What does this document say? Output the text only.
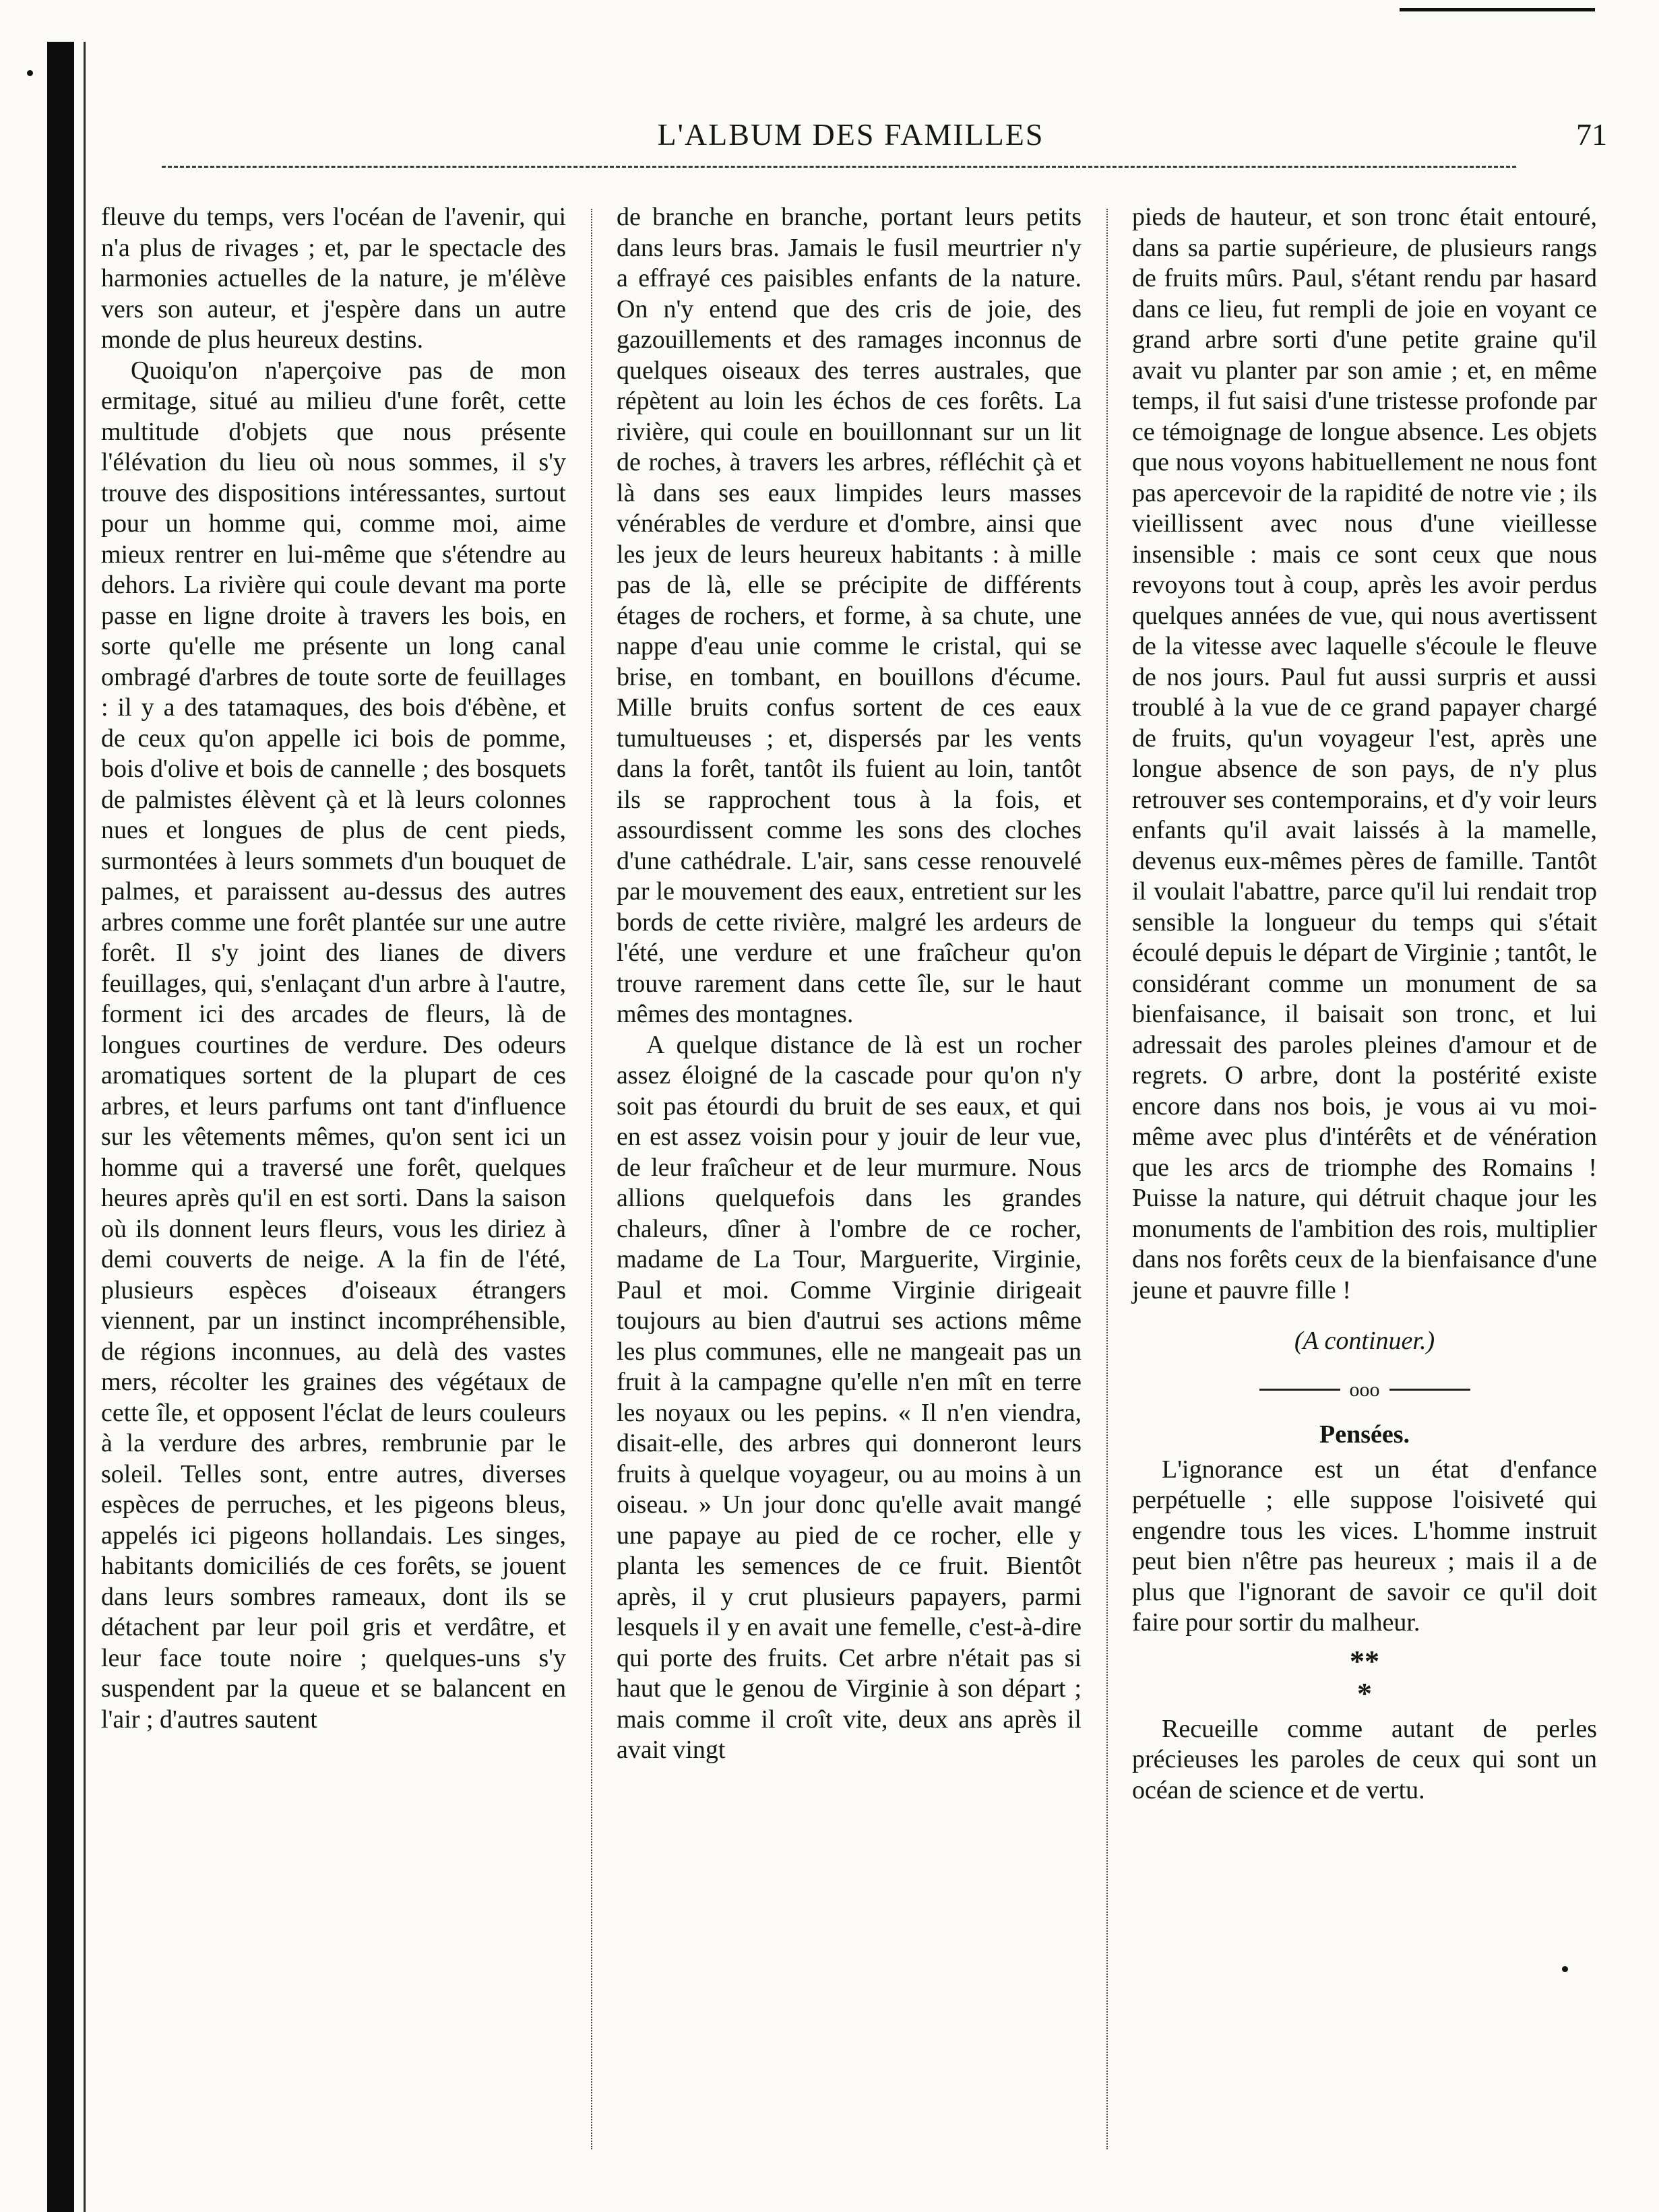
L'ALBUM DES FAMILLES	71

fleuve du temps, vers l'océan de l'avenir, qui n'a plus de rivages ; et, par le spectacle des harmonies actuelles de la nature, je m'élève vers son auteur, et j'espère dans un autre monde de plus heureux destins.

Quoiqu'on n'aperçoive pas de mon ermitage, situé au milieu d'une forêt, cette multitude d'objets que nous présente l'élévation du lieu où nous sommes, il s'y trouve des dispositions intéressantes, surtout pour un homme qui, comme moi, aime mieux rentrer en lui-même que s'étendre au dehors. La rivière qui coule devant ma porte passe en ligne droite à travers les bois, en sorte qu'elle me présente un long canal ombragé d'arbres de toute sorte de feuillages : il y a des tatamaques, des bois d'ébène, et de ceux qu'on appelle ici bois de pomme, bois d'olive et bois de cannelle ; des bosquets de palmistes élèvent çà et là leurs colonnes nues et longues de plus de cent pieds, surmontées à leurs sommets d'un bouquet de palmes, et paraissent au-dessus des autres arbres comme une forêt plantée sur une autre forêt. Il s'y joint des lianes de divers feuillages, qui, s'enlaçant d'un arbre à l'autre, forment ici des arcades de fleurs, là de longues courtines de verdure. Des odeurs aromatiques sortent de la plupart de ces arbres, et leurs parfums ont tant d'influence sur les vêtements mêmes, qu'on sent ici un homme qui a traversé une forêt, quelques heures après qu'il en est sorti. Dans la saison où ils donnent leurs fleurs, vous les diriez à demi couverts de neige. A la fin de l'été, plusieurs espèces d'oiseaux étrangers viennent, par un instinct incompréhensible, de régions inconnues, au delà des vastes mers, récolter les graines des végétaux de cette île, et opposent l'éclat de leurs couleurs à la verdure des arbres, rembrunie par le soleil. Telles sont, entre autres, diverses espèces de perruches, et les pigeons bleus, appelés ici pigeons hollandais. Les singes, habitants domiciliés de ces forêts, se jouent dans leurs sombres rameaux, dont ils se détachent par leur poil gris et verdâtre, et leur face toute noire ; quelques-uns s'y suspendent par la queue et se balancent en l'air ; d'autres sautent

de branche en branche, portant leurs petits dans leurs bras. Jamais le fusil meurtrier n'y a effrayé ces paisibles enfants de la nature. On n'y entend que des cris de joie, des gazouillements et des ramages inconnus de quelques oiseaux des terres australes, que répètent au loin les échos de ces forêts. La rivière, qui coule en bouillonnant sur un lit de roches, à travers les arbres, réfléchit çà et là dans ses eaux limpides leurs masses vénérables de verdure et d'ombre, ainsi que les jeux de leurs heureux habitants : à mille pas de là, elle se précipite de différents étages de rochers, et forme, à sa chute, une nappe d'eau unie comme le cristal, qui se brise, en tombant, en bouillons d'écume. Mille bruits confus sortent de ces eaux tumultueuses ; et, dispersés par les vents dans la forêt, tantôt ils fuient au loin, tantôt ils se rapprochent tous à la fois, et assourdissent comme les sons des cloches d'une cathédrale. L'air, sans cesse renouvelé par le mouvement des eaux, entretient sur les bords de cette rivière, malgré les ardeurs de l'été, une verdure et une fraîcheur qu'on trouve rarement dans cette île, sur le haut mêmes des montagnes.

A quelque distance de là est un rocher assez éloigné de la cascade pour qu'on n'y soit pas étourdi du bruit de ses eaux, et qui en est assez voisin pour y jouir de leur vue, de leur fraîcheur et de leur murmure. Nous allions quelquefois dans les grandes chaleurs, dîner à l'ombre de ce rocher, madame de La Tour, Marguerite, Virginie, Paul et moi. Comme Virginie dirigeait toujours au bien d'autrui ses actions même les plus communes, elle ne mangeait pas un fruit à la campagne qu'elle n'en mît en terre les noyaux ou les pepins. « Il n'en viendra, disait-elle, des arbres qui donneront leurs fruits à quelque voyageur, ou au moins à un oiseau. » Un jour donc qu'elle avait mangé une papaye au pied de ce rocher, elle y planta les semences de ce fruit. Bientôt après, il y crut plusieurs papayers, parmi lesquels il y en avait une femelle, c'est-à-dire qui porte des fruits. Cet arbre n'était pas si haut que le genou de Virginie à son départ ; mais comme il croît vite, deux ans après il avait vingt

pieds de hauteur, et son tronc était entouré, dans sa partie supérieure, de plusieurs rangs de fruits mûrs. Paul, s'étant rendu par hasard dans ce lieu, fut rempli de joie en voyant ce grand arbre sorti d'une petite graine qu'il avait vu planter par son amie ; et, en même temps, il fut saisi d'une tristesse profonde par ce témoignage de longue absence. Les objets que nous voyons habituellement ne nous font pas apercevoir de la rapidité de notre vie ; ils vieillissent avec nous d'une vieillesse insensible : mais ce sont ceux que nous revoyons tout à coup, après les avoir perdus quelques années de vue, qui nous avertissent de la vitesse avec laquelle s'écoule le fleuve de nos jours. Paul fut aussi surpris et aussi troublé à la vue de ce grand papayer chargé de fruits, qu'un voyageur l'est, après une longue absence de son pays, de n'y plus retrouver ses contemporains, et d'y voir leurs enfants qu'il avait laissés à la mamelle, devenus eux-mêmes pères de famille. Tantôt il voulait l'abattre, parce qu'il lui rendait trop sensible la longueur du temps qui s'était écoulé depuis le départ de Virginie ; tantôt, le considérant comme un monument de sa bienfaisance, il baisait son tronc, et lui adressait des paroles pleines d'amour et de regrets. O arbre, dont la postérité existe encore dans nos bois, je vous ai vu moi-même avec plus d'intérêts et de vénération que les arcs de triomphe des Romains ! Puisse la nature, qui détruit chaque jour les monuments de l'ambition des rois, multiplier dans nos forêts ceux de la bienfaisance d'une jeune et pauvre fille !

(A continuer.)
ooo
Pensées.

L'ignorance est un état d'enfance perpétuelle ; elle suppose l'oisiveté qui engendre tous les vices. L'homme instruit peut bien n'être pas heureux ; mais il a de plus que l'ignorant de savoir ce qu'il doit faire pour sortir du malheur.

**
*

Recueille comme autant de perles précieuses les paroles de ceux qui sont un océan de science et de vertu.
